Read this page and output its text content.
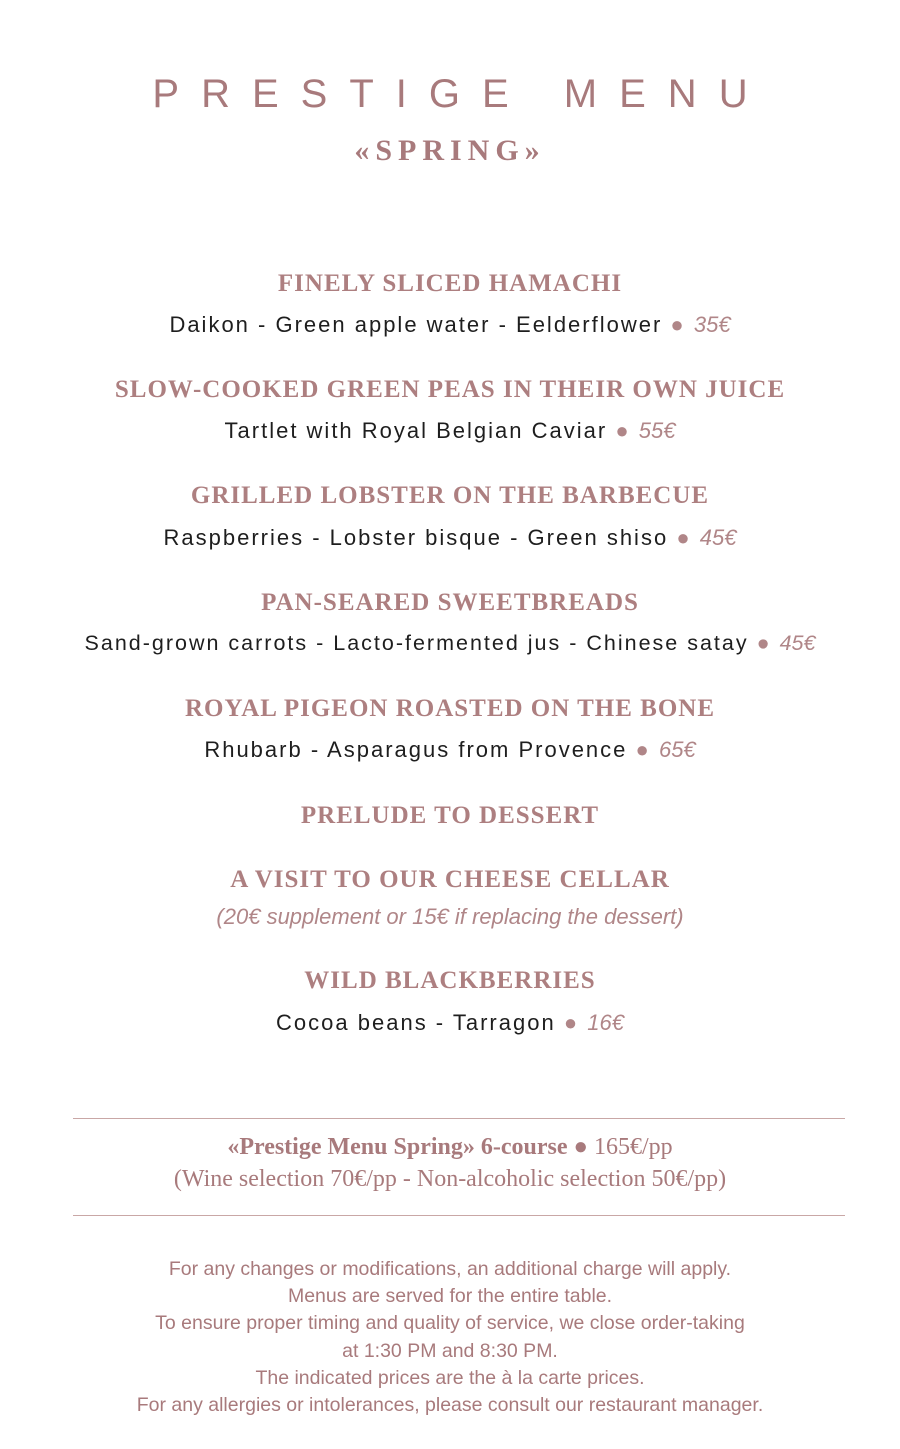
PRESTIGE MENU
«SPRING»
FINELY SLICED HAMACHI
Daikon - Green apple water - Eelderflower ● 35€
SLOW-COOKED GREEN PEAS IN THEIR OWN JUICE
Tartlet with Royal Belgian Caviar ● 55€
GRILLED LOBSTER ON THE BARBECUE
Raspberries - Lobster bisque - Green shiso ● 45€
PAN-SEARED SWEETBREADS
Sand-grown carrots - Lacto-fermented jus - Chinese satay ● 45€
ROYAL PIGEON ROASTED ON THE BONE
Rhubarb - Asparagus from Provence ● 65€
PRELUDE TO DESSERT
A VISIT TO OUR CHEESE CELLAR
(20€ supplement or 15€ if replacing the dessert)
WILD BLACKBERRIES
Cocoa beans - Tarragon ● 16€
«Prestige Menu Spring» 6-course ● 165€/pp
(Wine selection 70€/pp - Non-alcoholic selection 50€/pp)
For any changes or modifications, an additional charge will apply.
Menus are served for the entire table.
To ensure proper timing and quality of service, we close order-taking
at 1:30 PM and 8:30 PM.
The indicated prices are the à la carte prices.
For any allergies or intolerances, please consult our restaurant manager.
